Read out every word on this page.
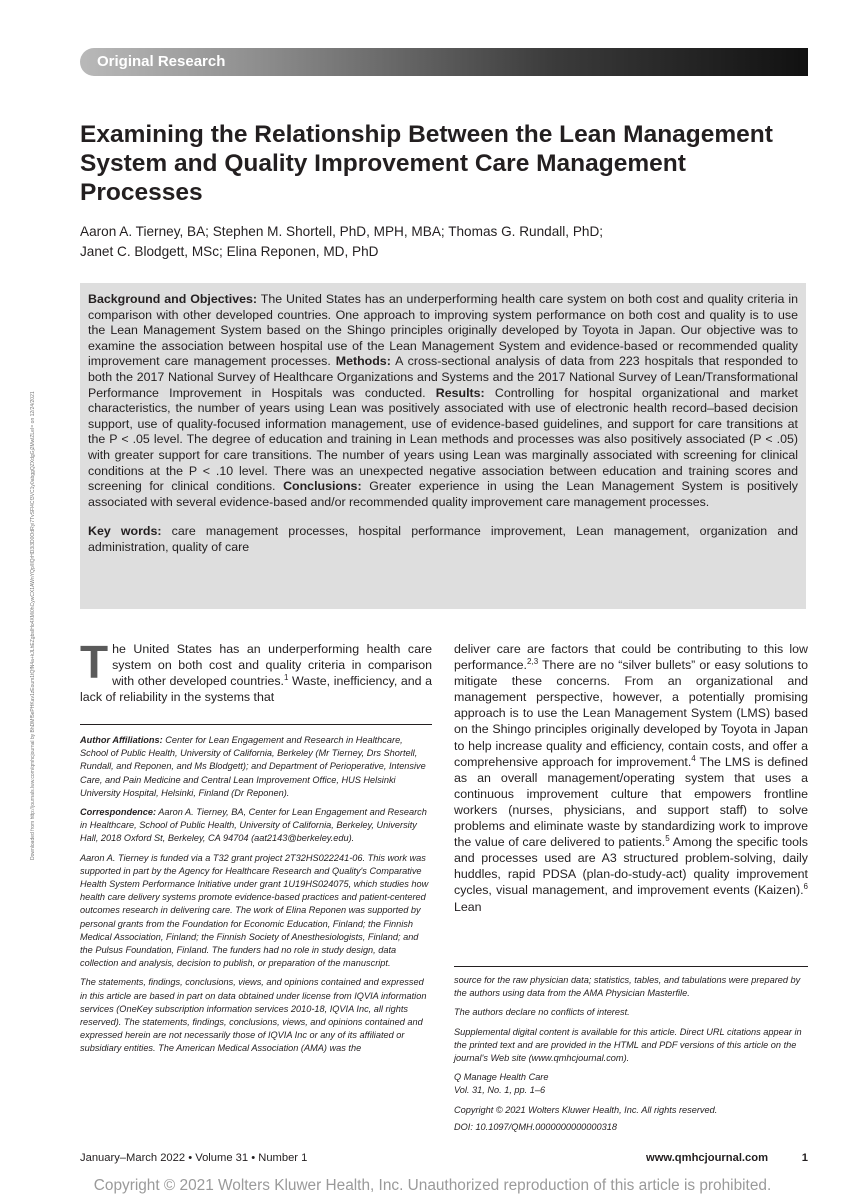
Original Research
Downloaded from http://journals.lww.com/qmhcjournal by BhDMf5ePHKav1zEoum1tQfN4a+kJLhEZgbsIHo4XMi0hCywCX1AWnYQp/IlQrHD3i3D0OdRyi7TvSFl4Cf3VC1y0abggQZXdgGj2MwlZLeI= on 12/24/2021
Examining the Relationship Between the Lean Management System and Quality Improvement Care Management Processes
Aaron A. Tierney, BA; Stephen M. Shortell, PhD, MPH, MBA; Thomas G. Rundall, PhD;
Janet C. Blodgett, MSc; Elina Reponen, MD, PhD
Background and Objectives: The United States has an underperforming health care system on both cost and quality criteria in comparison with other developed countries. One approach to improving system performance on both cost and quality is to use the Lean Management System based on the Shingo principles originally developed by Toyota in Japan. Our objective was to examine the association between hospital use of the Lean Management System and evidence-based or recommended quality improvement care management processes. Methods: A cross-sectional analysis of data from 223 hospitals that responded to both the 2017 National Survey of Healthcare Organizations and Systems and the 2017 National Survey of Lean/Transformational Performance Improvement in Hospitals was conducted. Results: Controlling for hospital organizational and market characteristics, the number of years using Lean was positively associated with use of electronic health record–based decision support, use of quality-focused information management, use of evidence-based guidelines, and support for care transitions at the P < .05 level. The degree of education and training in Lean methods and processes was also positively associated (P < .05) with greater support for care transitions. The number of years using Lean was marginally associated with screening for clinical conditions at the P < .10 level. There was an unexpected negative association between education and training scores and screening for clinical conditions. Conclusions: Greater experience in using the Lean Management System is positively associated with several evidence-based and/or recommended quality improvement care management processes.
Key words: care management processes, hospital performance improvement, Lean management, organization and administration, quality of care
The United States has an underperforming health care system on both cost and quality criteria in comparison with other developed countries.$^1$ Waste, inefficiency, and a lack of reliability in the systems that
deliver care are factors that could be contributing to this low performance.$^{2,3}$ There are no “silver bullets” or easy solutions to mitigate these concerns. From an organizational and management perspective, however, a potentially promising approach is to use the Lean Management System (LMS) based on the Shingo principles originally developed by Toyota in Japan to help increase quality and efficiency, contain costs, and offer a comprehensive approach for improvement.$^4$ The LMS is defined as an overall management/operating system that uses a continuous improvement culture that empowers frontline workers (nurses, physicians, and support staff) to solve problems and eliminate waste by standardizing work to improve the value of care delivered to patients.$^5$ Among the specific tools and processes used are A3 structured problem-solving, daily huddles, rapid PDSA (plan-do-study-act) quality improvement cycles, visual management, and improvement events (Kaizen).$^6$ Lean

Author Affiliations: Center for Lean Engagement and Research in Healthcare, School of Public Health, University of California, Berkeley (Mr Tierney, Drs Shortell, Rundall, and Reponen, and Ms Blodgett); and Department of Perioperative, Intensive Care, and Pain Medicine and Central Lean Improvement Office, HUS Helsinki University Hospital, Helsinki, Finland (Dr Reponen).

Correspondence: Aaron A. Tierney, BA, Center for Lean Engagement and Research in Healthcare, School of Public Health, University of California, Berkeley, University Hall, 2018 Oxford St, Berkeley, CA 94704 (aat2143@berkeley.edu).

Aaron A. Tierney is funded via a T32 grant project 2T32HS022241-06. This work was supported in part by the Agency for Healthcare Research and Quality's Comparative Health System Performance Initiative under grant 1U19HS024075, which studies how health care delivery systems promote evidence-based practices and patient-centered outcomes research in delivering care. The work of Elina Reponen was supported by personal grants from the Foundation for Economic Education, Finland; the Finnish Medical Association, Finland; the Finnish Society of Anesthesiologists, Finland; and the Pulsus Foundation, Finland. The funders had no role in study design, data collection and analysis, decision to publish, or preparation of the manuscript.

The statements, findings, conclusions, views, and opinions contained and expressed in this article are based in part on data obtained under license from IQVIA information services (OneKey subscription information services 2010-18, IQVIA Inc, all rights reserved). The statements, findings, conclusions, views, and opinions contained and expressed herein are not necessarily those of IQVIA Inc or any of its affiliated or subsidiary entities. The American Medical Association (AMA) was the

source for the raw physician data; statistics, tables, and tabulations were prepared by the authors using data from the AMA Physician Masterfile.

The authors declare no conflicts of interest.

Supplemental digital content is available for this article. Direct URL citations appear in the printed text and are provided in the HTML and PDF versions of this article on the journal's Web site (www.qmhcjournal.com).

Q Manage Health Care
Vol. 31, No. 1, pp. 1–6
Copyright © 2021 Wolters Kluwer Health, Inc. All rights reserved.
DOI: 10.1097/QMH.0000000000000318
January–March 2022 • Volume 31 • Number 1	www.qmhcjournal.com	1
Copyright © 2021 Wolters Kluwer Health, Inc. Unauthorized reproduction of this article is prohibited.
